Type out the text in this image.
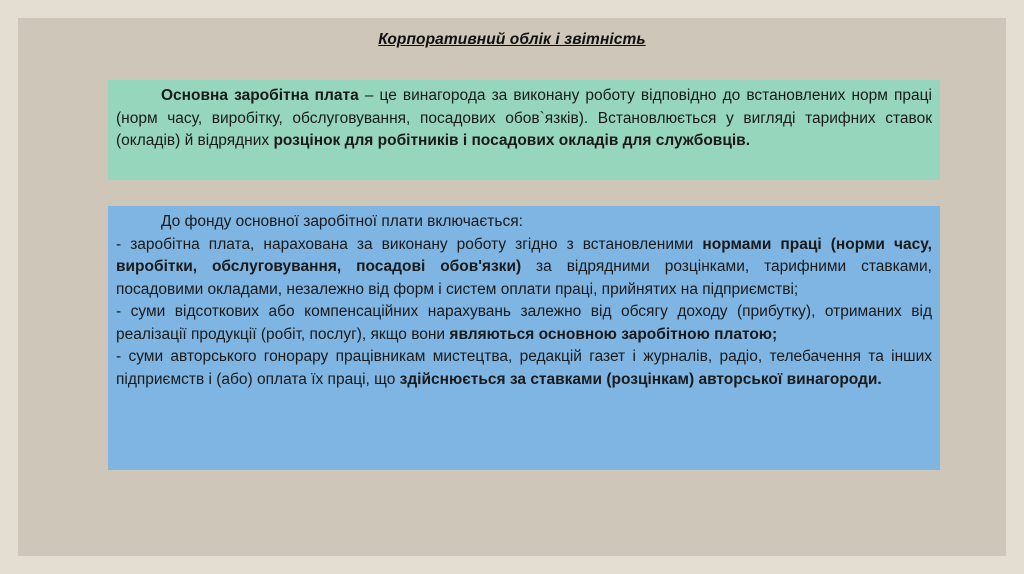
Корпоративний облік і звітність

Основна заробітна плата – це винагорода за виконану роботу відповідно до встановлених норм праці (норм часу, виробітку, обслуговування, посадових обов`язків). Встановлюється у вигляді тарифних ставок (окладів) й відрядних розцінок для робітників і посадових окладів для службовців.

До фонду основної заробітної плати включається:

- заробітна плата, нарахована за виконану роботу згідно з встановленими нормами праці (норми часу, виробітки, обслуговування, посадові обов'язки) за відрядними розцінками, тарифними ставками, посадовими окладами, незалежно від форм і систем оплати праці, прийнятих на підприємстві;

- суми відсоткових або компенсаційних нарахувань залежно від обсягу доходу (прибутку), отриманих від реалізації продукції (робіт, послуг), якщо вони являються основною заробітною платою;

- суми авторського гонорару працівникам мистецтва, редакцій газет і журналів, радіо, телебачення та інших підприємств і (або) оплата їх праці, що здійснюється за ставками (розцінкам) авторської винагороди.
